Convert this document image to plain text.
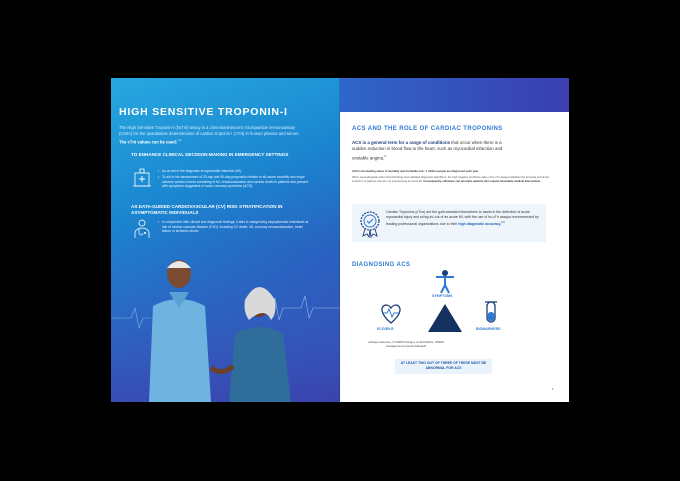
HIGH SENSITIVE TROPONIN-I
The High Sensitive Troponin-I (hsTnI) assay is a chemiluminescent microparticle immunoassay (CMIA) for the quantitative determination of cardiac troponin I (cTnI) in human plasma and serum. The cTnI values can be used:$^{1,2}$
TO ENHANCE CLINICAL DECISION-MAKING IN EMERGENCY SETTINGS
• As an aid in the diagnosis of myocardial infarction (MI).
• To aid in the assessment of 30-day and 90-day prognostic relative to all-cause mortality and major adverse cardiac events consisting of MI, revascularization and cardiac death in patients who present with symptoms suggestive of acute coronary syndrome (ACS).
AS DATA-GUIDED CARDIOVASCULAR (CV) RISK STRATIFICATION IN ASYMPTOMATIC INDIVIDUALS
• In conjunction with clinical and diagnostic findings, it aids in categorizing asymptomatic individuals at risk of cardiac vascular disease (CVD), including CV death, MI, coronary revascularization, heart failure or ischemic stroke.
ACS AND THE ROLE OF CARDIAC TROPONINS
ACS is a general term for a range of conditions that occur when there is a sudden reduction in blood flow to the heart, such as myocardial infarction and unstable angina.$^3$
ACS is the leading cause of mortality and morbidity and ~7 million people are diagnosed each year.
When used alongside other clinical findings and validated diagnostic algorithms, the high negative predictive value of hs-cTn assays facilitates the accurate and timely exclusion of patients who are not experiencing an acute MI. Consequently, clinicians can prioritize patients who require immediate medical intervention.
Cardiac Troponins (cTns) are the gold-standard biomarkers to assist in the detection of acute myocardial injury and ruling-in/-out of an acute MI, with the use of hs-cTn assays recommended by leading professional organizations due to their high diagnostic accuracy.$^{3-6}$
DIAGNOSING ACS
SYMPTOMS
ECG/EKG	BIOMARKERS
(Always data-free, if STEMI changes on ECG/EKG, STEMI management protocol followed)
AT LEAST TWO OUT OF THREE OF THESE MUST BE ABNORMAL FOR ACS
1
